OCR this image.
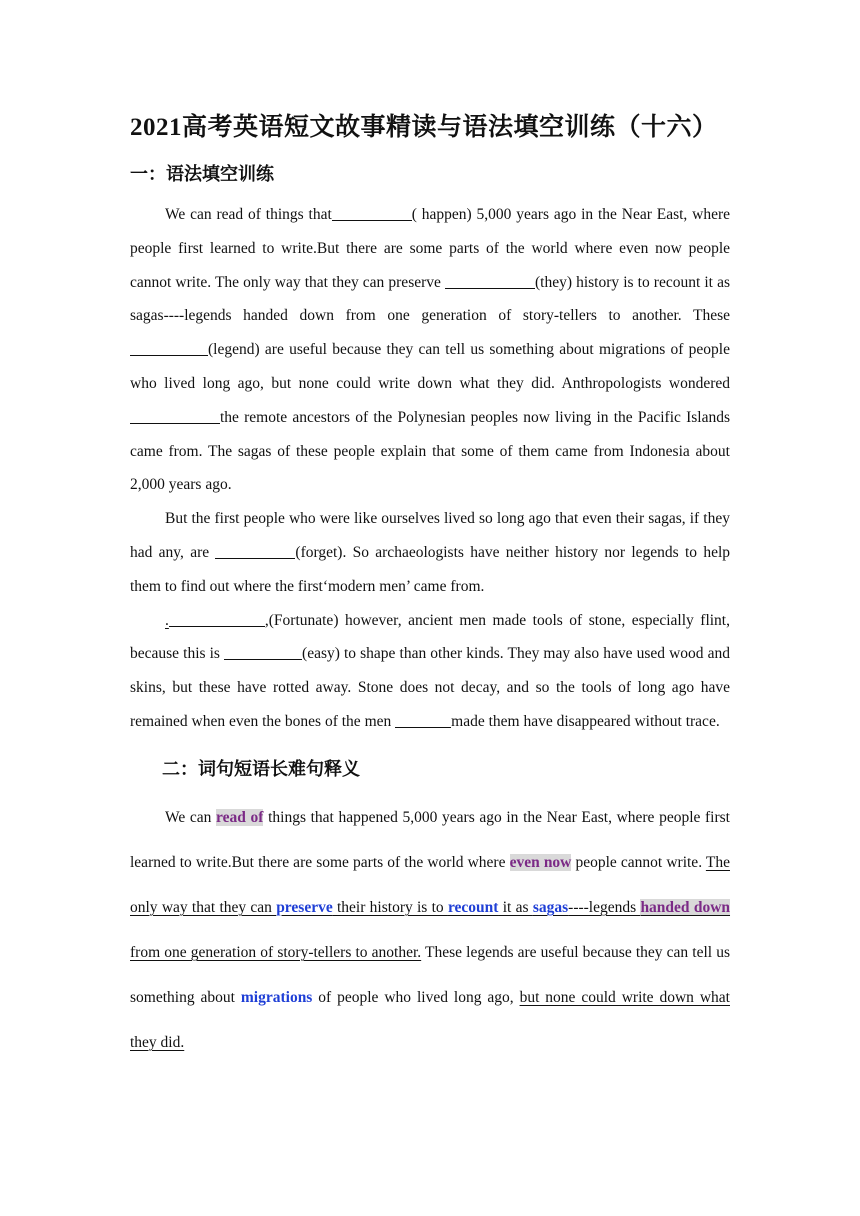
2021高考英语短文故事精读与语法填空训练（十六）
一：语法填空训练

We can read of things that	( happen) 5,000 years ago in the Near East, where people first learned to write.But there are some parts of the world where even now people cannot write. The only way that they can preserve	(they) history is to recount it as sagas----legends handed down from one generation of story-tellers to another. These (legend) are useful because they can tell us something about migrations of people who lived long ago, but none could write down what they did. Anthropologists wondered the remote ancestors of the Polynesian peoples now living in the Pacific Islands came from. The sagas of these people explain that some of them came from Indonesia about 2,000 years ago.

But the first people who were like ourselves lived so long ago that even their sagas, if they had any, are	(forget). So archaeologists have neither history nor legends to help them to find out where the first‘modern men’ came from.

.	,(Fortunate) however, ancient men made tools of stone, especially flint, because this is	(easy) to shape than other kinds. They may also have used wood and skins, but these have rotted away. Stone does not decay, and so the tools of long ago have remained when even the bones of the men	made them have disappeared without trace.

二：词句短语长难句释义

We can read of things that happened 5,000 years ago in the Near East, where people first learned to write.But there are some parts of the world where even now people cannot write. The only way that they can preserve their history is to recount it as sagas----legends handed down from one generation of story-tellers to another. These legends are useful because they can tell us something about migrations of people who lived long ago, but none could write down what they did.
